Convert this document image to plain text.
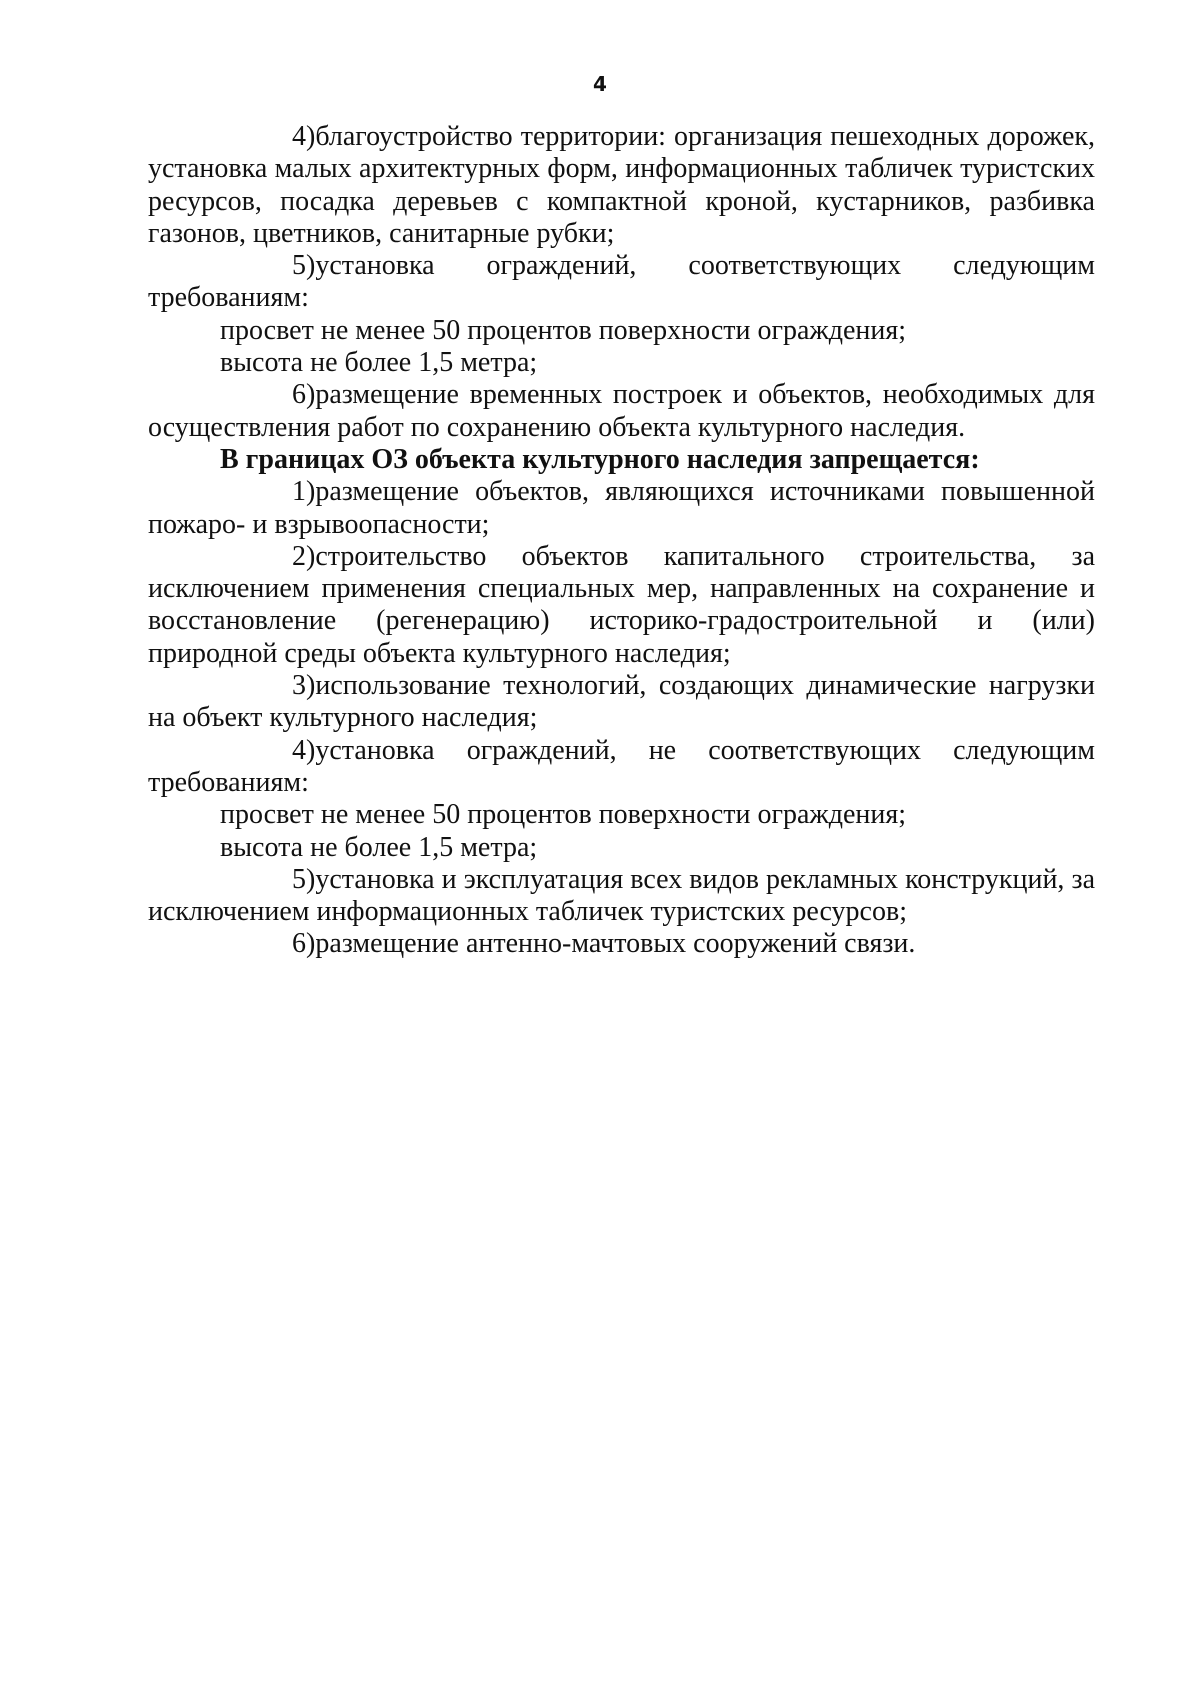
4

4)благоустройство территории: организация пешеходных дорожек, установка малых архитектурных форм, информационных табличек туристских ресурсов, посадка деревьев с компактной кроной, кустарников, разбивка газонов, цветников, санитарные рубки;

5)установка ограждений, соответствующих следующим требованиям:

просвет не менее 50 процентов поверхности ограждения;

высота не более 1,5 метра;

6)размещение временных построек и объектов, необходимых для осуществления работ по сохранению объекта культурного наследия.

В границах ОЗ объекта культурного наследия запрещается:

1)размещение объектов, являющихся источниками повышенной пожаро- и взрывоопасности;

2)строительство объектов капитального строительства, за исключением применения специальных мер, направленных на сохранение и восстановление (регенерацию) историко-градостроительной и (или) природной среды объекта культурного наследия;

3)использование технологий, создающих динамические нагрузки на объект культурного наследия;

4)установка ограждений, не соответствующих следующим требованиям:

просвет не менее 50 процентов поверхности ограждения;

высота не более 1,5 метра;

5)установка и эксплуатация всех видов рекламных конструкций, за исключением информационных табличек туристских ресурсов;

6)размещение антенно-мачтовых сооружений связи.
